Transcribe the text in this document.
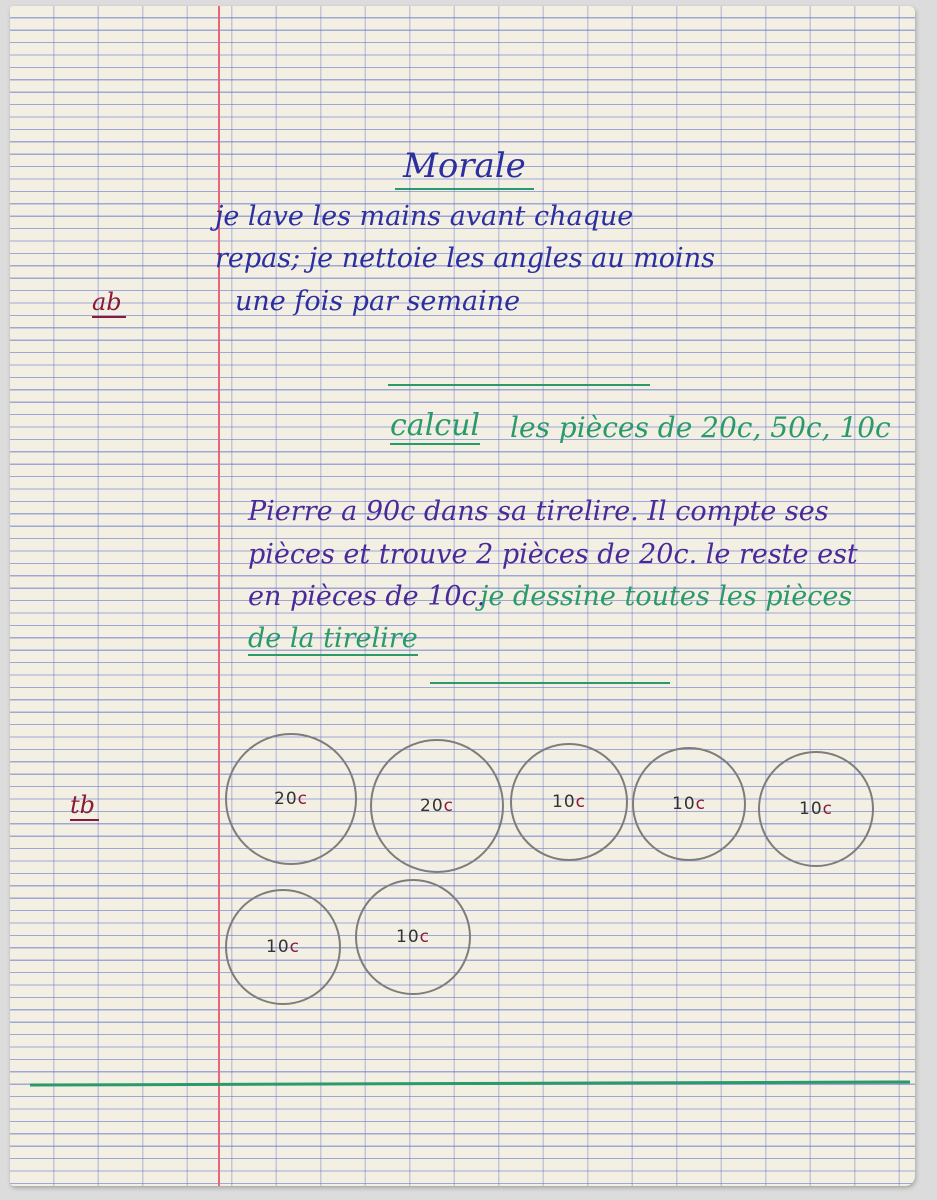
Morale
je lave les mains avant chaque
repas; je nettoie les angles au moins
une fois par semaine
ab
calcul les pièces de 20c, 50c, 10c
Pierre a 90c dans sa tirelire. Il compte ses
pièces et trouve 2 pièces de 20c. le reste est
en pièces de 10c.
je dessine toutes les pièces
de la tirelire
tb	20 c	20 c	10 c	10 c	10 c
10 c	10 c
